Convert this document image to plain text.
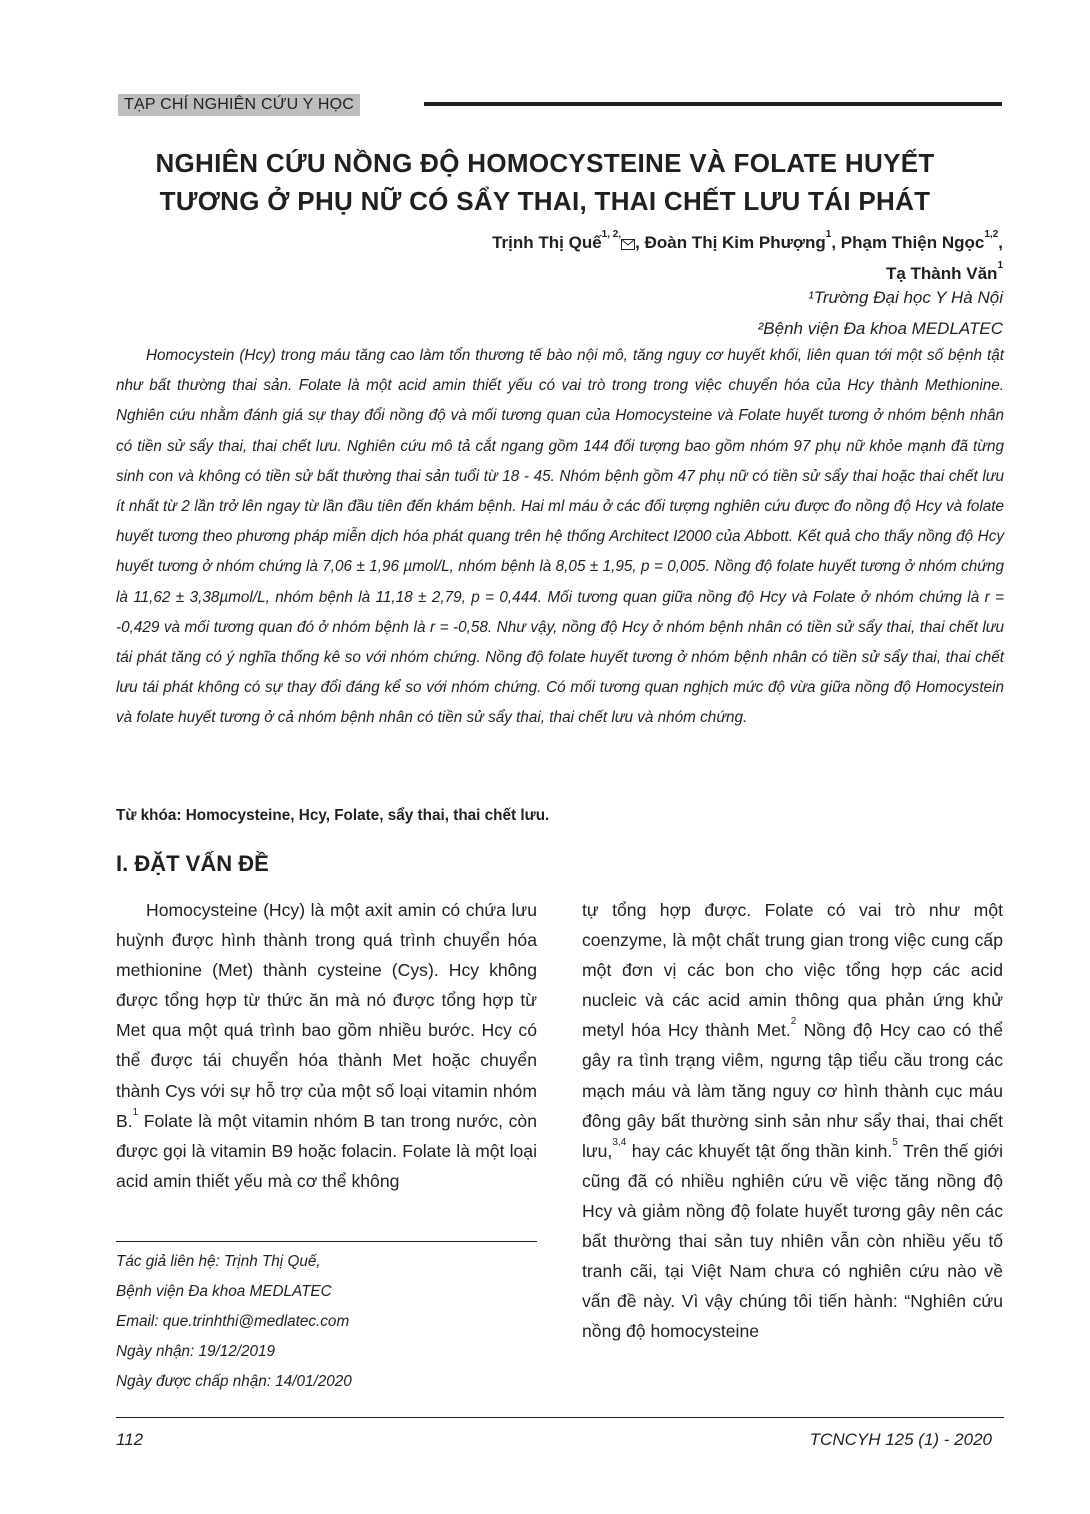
TẠP CHÍ NGHIÊN CỨU Y HỌC
NGHIÊN CỨU NỒNG ĐỘ HOMOCYSTEINE VÀ FOLATE HUYẾT
TƯƠNG Ở PHỤ NỮ CÓ SẨY THAI, THAI CHẾT LƯU TÁI PHÁT
Trịnh Thị Quế$^{1, 2,}$ , Đoàn Thị Kim Phượng$^1$, Phạm Thiện Ngọc$^{1,2}$,
Tạ Thành Văn$^1$
¹Trường Đại học Y Hà Nội
²Bệnh viện Đa khoa MEDLATEC

Homocystein (Hcy) trong máu tăng cao làm tổn thương tế bào nội mô, tăng nguy cơ huyết khối, liên quan tới một số bệnh tật như bất thường thai sản. Folate là một acid amin thiết yếu có vai trò trong trong việc chuyển hóa của Hcy thành Methionine. Nghiên cứu nhằm đánh giá sự thay đổi nồng độ và mối tương quan của Homocysteine và Folate huyết tương ở nhóm bệnh nhân có tiền sử sẩy thai, thai chết lưu. Nghiên cứu mô tả cắt ngang gồm 144 đối tượng bao gồm nhóm 97 phụ nữ khỏe mạnh đã từng sinh con và không có tiền sử bất thường thai sản tuổi từ 18 - 45. Nhóm bệnh gồm 47 phụ nữ có tiền sử sẩy thai hoặc thai chết lưu ít nhất từ 2 lần trở lên ngay từ lần đầu tiên đến khám bệnh. Hai ml máu ở các đối tượng nghiên cứu được đo nồng độ Hcy và folate huyết tương theo phương pháp miễn dịch hóa phát quang trên hệ thống Architect I2000 của Abbott. Kết quả cho thấy nồng độ Hcy huyết tương ở nhóm chứng là 7,06 ± 1,96 µmol/L, nhóm bệnh là 8,05 ± 1,95, p = 0,005. Nồng độ folate huyết tương ở nhóm chứng là 11,62 ± 3,38µmol/L, nhóm bệnh là 11,18 ± 2,79, p = 0,444. Mối tương quan giữa nồng độ Hcy và Folate ở nhóm chứng là r = -0,429 và mối tương quan đó ở nhóm bệnh là r = -0,58. Như vậy, nồng độ Hcy ở nhóm bệnh nhân có tiền sử sẩy thai, thai chết lưu tái phát tăng có ý nghĩa thống kê so với nhóm chứng. Nồng độ folate huyết tương ở nhóm bệnh nhân có tiền sử sẩy thai, thai chết lưu tái phát không có sự thay đổi đáng kể so với nhóm chứng. Có mối tương quan nghịch mức độ vừa giữa nồng độ Homocystein và folate huyết tương ở cả nhóm bệnh nhân có tiền sử sẩy thai, thai chết lưu và nhóm chứng.

Từ khóa: Homocysteine, Hcy, Folate, sẩy thai, thai chết lưu.
I. ĐẶT VẤN ĐỀ

Homocysteine (Hcy) là một axit amin có chứa lưu huỳnh được hình thành trong quá trình chuyển hóa methionine (Met) thành cysteine (Cys). Hcy không được tổng hợp từ thức ăn mà nó được tổng hợp từ Met qua một quá trình bao gồm nhiều bước. Hcy có thể được tái chuyển hóa thành Met hoặc chuyển thành Cys với sự hỗ trợ của một số loại vitamin nhóm B.$^1$ Folate là một vitamin nhóm B tan trong nước, còn được gọi là vitamin B9 hoặc folacin. Folate là một loại acid amin thiết yếu mà cơ thể không

Tác giả liên hệ: Trịnh Thị Quế,
Bệnh viện Đa khoa MEDLATEC
Email: que.trinhthi@medlatec.com
Ngày nhận: 19/12/2019
Ngày được chấp nhận: 14/01/2020

tự tổng hợp được. Folate có vai trò như một coenzyme, là một chất trung gian trong việc cung cấp một đơn vị các bon cho việc tổng hợp các acid nucleic và các acid amin thông qua phản ứng khử metyl hóa Hcy thành Met.$^2$ Nồng độ Hcy cao có thể gây ra tình trạng viêm, ngưng tập tiểu cầu trong các mạch máu và làm tăng nguy cơ hình thành cục máu đông gây bất thường sinh sản như sẩy thai, thai chết lưu,$^{3,4}$ hay các khuyết tật ống thần kinh.$^5$ Trên thế giới cũng đã có nhiều nghiên cứu về việc tăng nồng độ Hcy và giảm nồng độ folate huyết tương gây nên các bất thường thai sản tuy nhiên vẫn còn nhiều yếu tố tranh cãi, tại Việt Nam chưa có nghiên cứu nào về vấn đề này. Vì vậy chúng tôi tiến hành: “Nghiên cứu nồng độ homocysteine

112	TCNCYH 125 (1) - 2020
